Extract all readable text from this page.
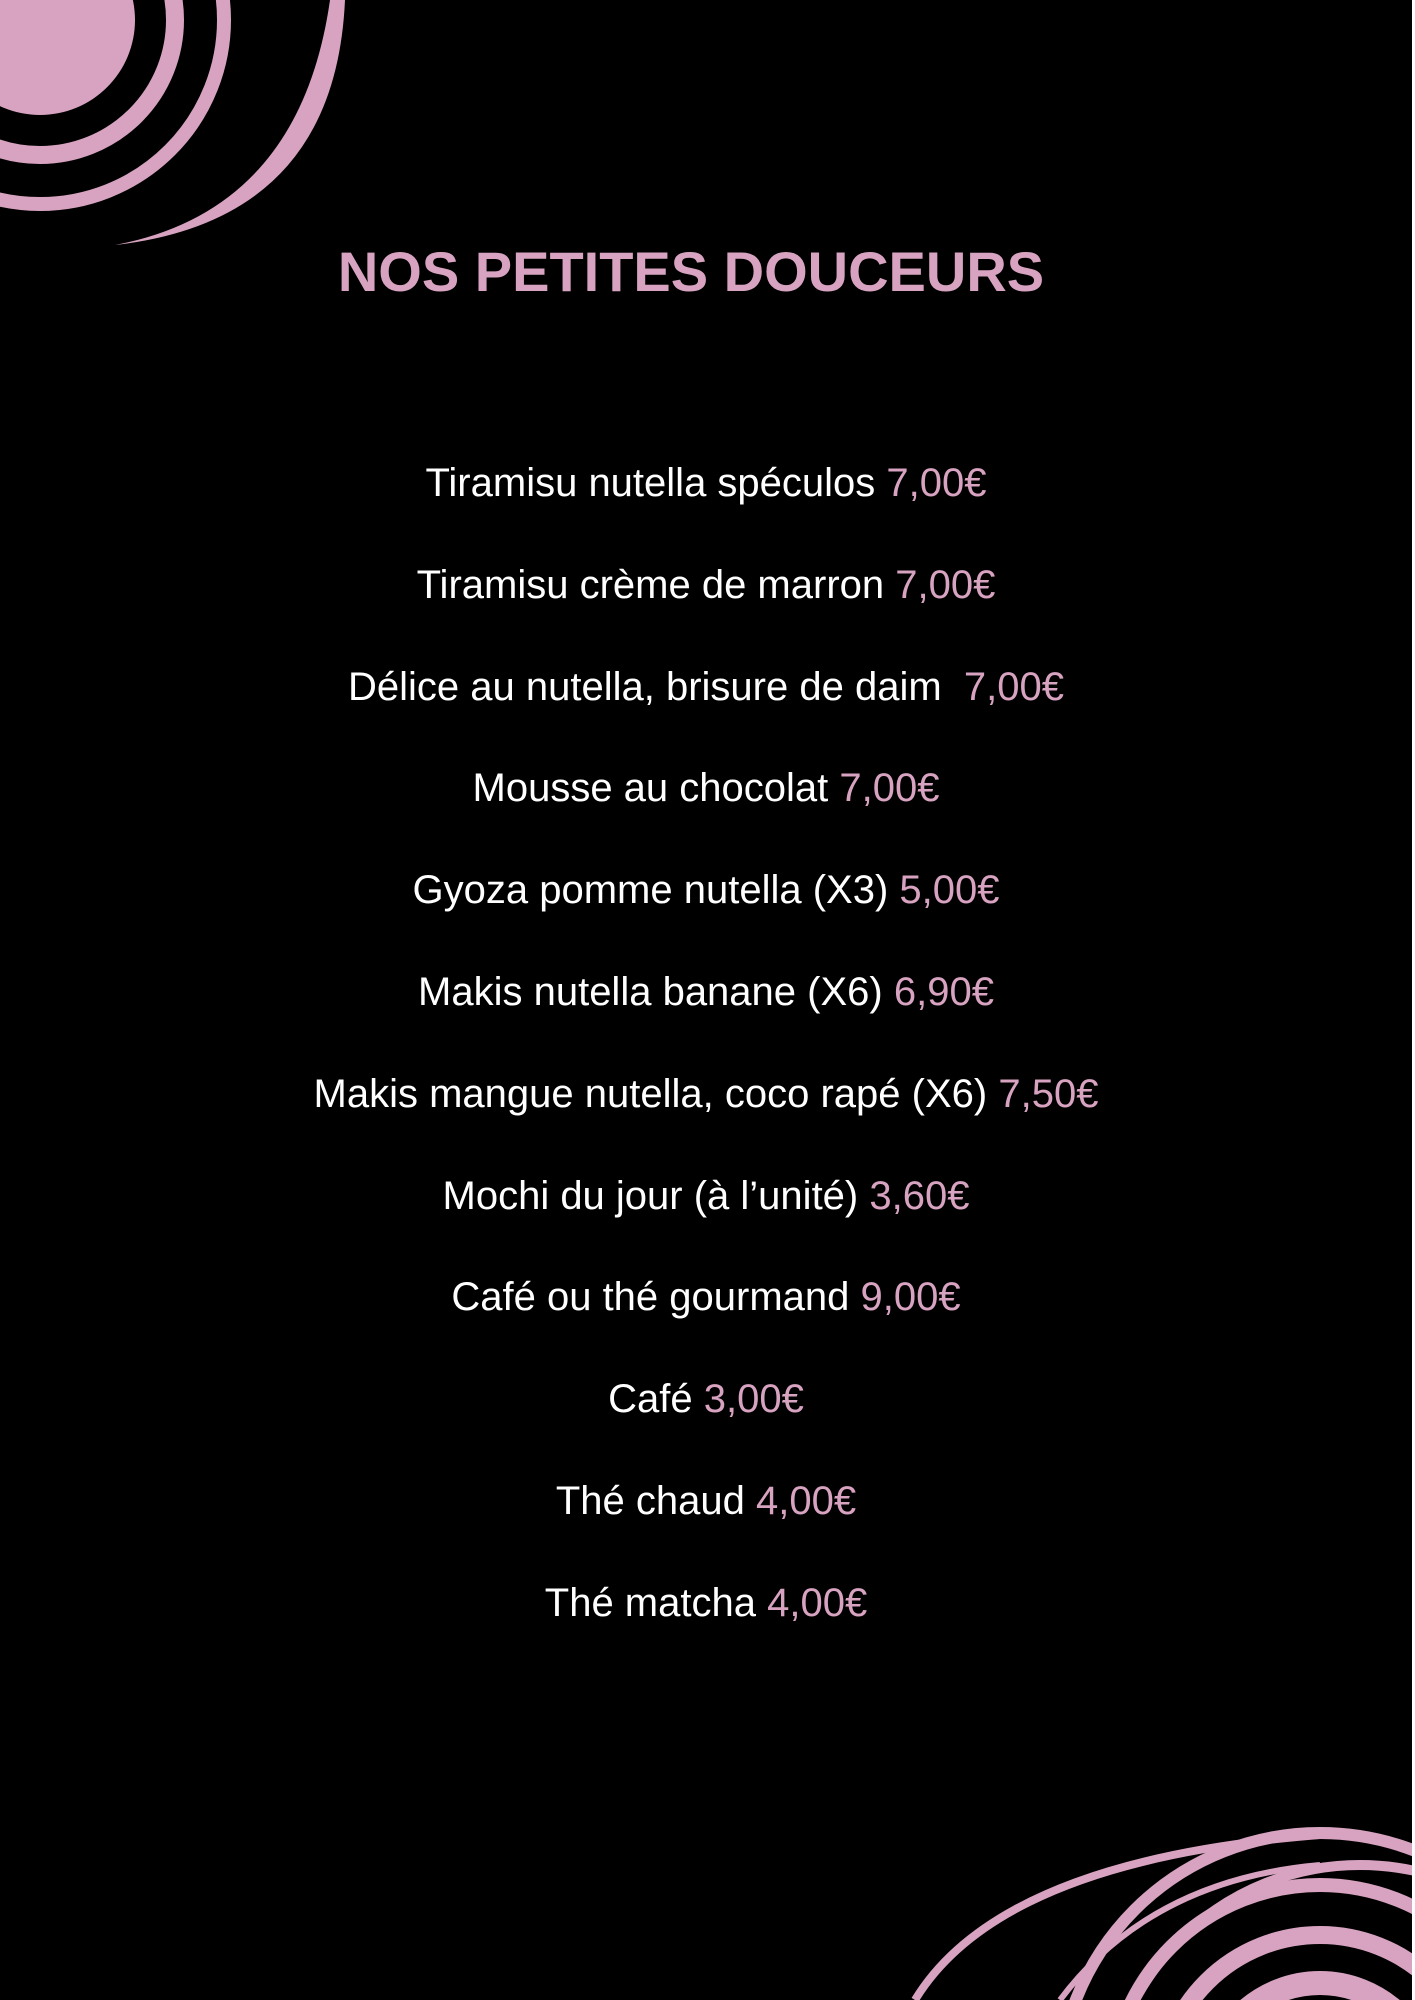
NOS PETITES DOUCEURS
Tiramisu nutella spéculos 7,00€
Tiramisu crème de marron 7,00€
Délice au nutella, brisure de daim  7,00€
Mousse au chocolat 7,00€
Gyoza pomme nutella (X3) 5,00€
Makis nutella banane (X6) 6,90€
Makis mangue nutella, coco rapé (X6) 7,50€
Mochi du jour (à l’unité) 3,60€
Café ou thé gourmand 9,00€
Café 3,00€
Thé chaud 4,00€
Thé matcha 4,00€
